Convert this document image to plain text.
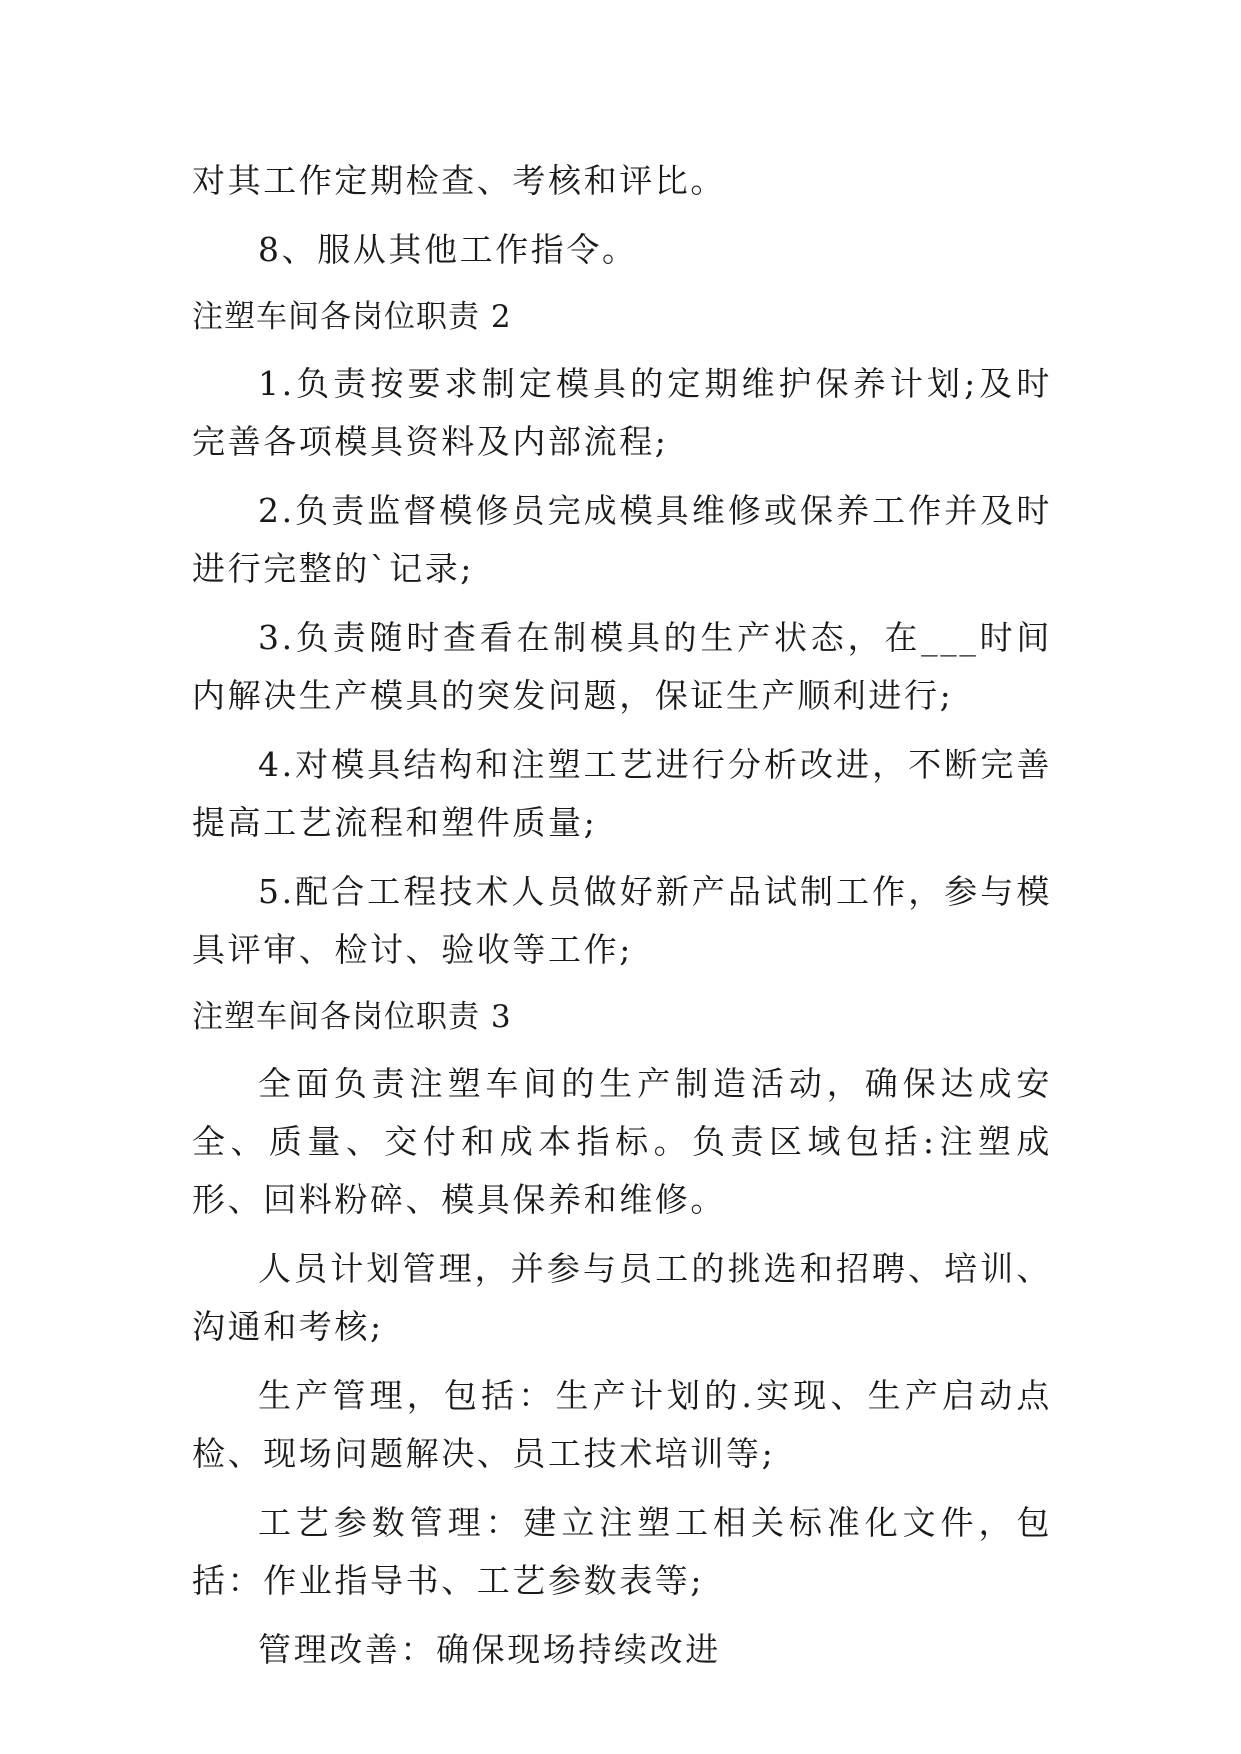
对其工作定期检查、考核和评比。

8、服从其他工作指令。

注塑车间各岗位职责 2

1.负责按要求制定模具的定期维护保养计划;及时完善各项模具资料及内部流程;

2.负责监督模修员完成模具维修或保养工作并及时进行完整的`记录;

3.负责随时查看在制模具的生产状态，在___时间内解决生产模具的突发问题，保证生产顺利进行;

4.对模具结构和注塑工艺进行分析改进，不断完善提高工艺流程和塑件质量;

5.配合工程技术人员做好新产品试制工作，参与模具评审、检讨、验收等工作;

注塑车间各岗位职责 3

全面负责注塑车间的生产制造活动，确保达成安全、质量、交付和成本指标。负责区域包括:注塑成形、回料粉碎、模具保养和维修。

人员计划管理，并参与员工的挑选和招聘、培训、沟通和考核;

生产管理，包括：生产计划的.实现、生产启动点检、现场问题解决、员工技术培训等;

工艺参数管理：建立注塑工相关标准化文件，包括：作业指导书、工艺参数表等;

管理改善：确保现场持续改进
